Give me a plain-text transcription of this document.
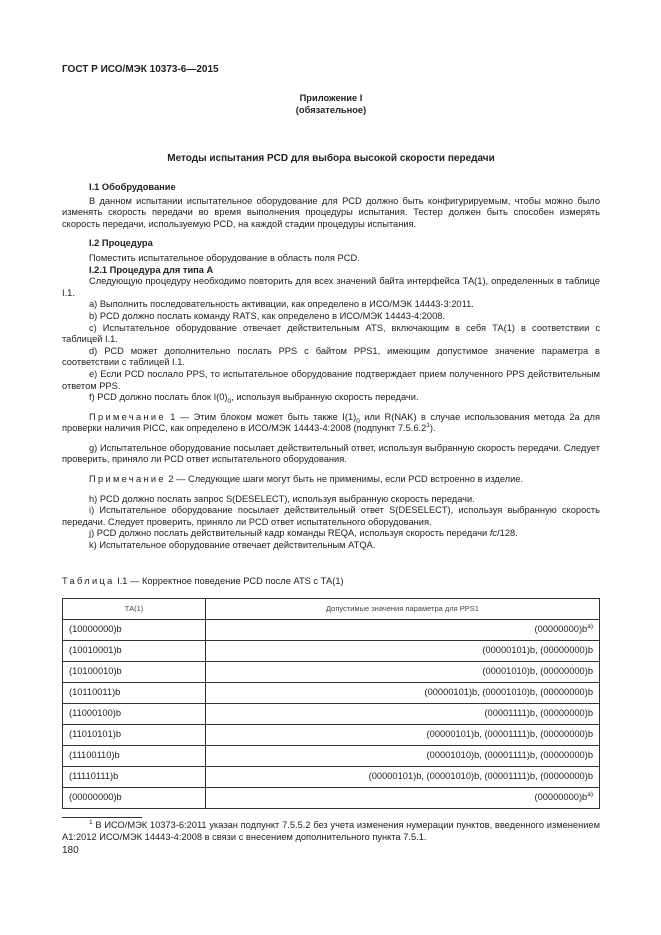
ГОСТ Р ИСО/МЭК 10373-6—2015
Приложение I
(обязательное)
Методы испытания PCD для выбора высокой скорости передачи
I.1 Обобрудование

В данном испытании испытательное оборудование для PCD должно быть конфигурируемым, чтобы можно было изменять скорость передачи во время выполнения процедуры испытания. Тестер должен быть способен измерять скорость передачи, используемую PCD, на каждой стадии процедуры испытания.

I.2 Процедура

Поместить испытательное оборудование в область поля PCD.

I.2.1 Процедура для типа А

Следующую процедуру необходимо повторить для всех значений байта интерфейса ТА(1), определенных в таблице I.1.

a) Выполнить последовательность активации, как определено в ИСО/МЭК 14443-3:2011.

b) PCD должно послать команду RATS, как определено в ИСО/МЭК 14443-4:2008.

c) Испытательное оборудование отвечает действительным ATS, включающим в себя ТА(1) в соответствии с таблицей I.1.

d) PCD может дополнительно послать PPS с байтом PPS1, имеющим допустимое значение параметра в соответствии с таблицей I.1.

e) Если PCD послало PPS, то испытательное оборудование подтверждает прием полученного PPS действительным ответом PPS.

f) PCD должно послать блок $I(0)_0$, используя выбранную скорость передачи.

Примечание 1 — Этим блоком может быть также $I(1)_0$ или R(NAK) в случае использования метода 2a для проверки наличия PICC, как определено в ИСО/МЭК 14443-4:2008 (подпункт 7.5.6.2$^1$).

g) Испытательное оборудование посылает действительный ответ, используя выбранную скорость передачи. Следует проверить, приняло ли PCD ответ испытательного оборудования.

Примечание 2 — Следующие шаги могут быть не применимы, если PCD встроенно в изделие.

h) PCD должно послать запрос S(DESELECT), используя выбранную скорость передачи.

i) Испытательное оборудование посылает действительный ответ S(DESELECT), используя выбранную скорость передачи. Следует проверить, приняло ли PCD ответ испытательного оборудования.

j) PCD должно послать действительный кадр команды REQA, используя скорость передачи fc/128.

k) Испытательное оборудование отвечает действительным ATQA.

Таблица I.1 — Корректное поведение PCD после ATS с ТА(1)
ТА(1)	Допустимые значения параметра для PPS1
(10000000)b	$(00000000)b^{a)}$
(10010001)b	(00000101)b, (00000000)b
(10100010)b	(00001010)b, (00000000)b
(10110011)b	(00000101)b, (00001010)b, (00000000)b
(11000100)b	(00001111)b, (00000000)b
(11010101)b	(00000101)b, (00001111)b, (00000000)b
(11100110)b	(00001010)b, (00001111)b, (00000000)b
(11110111)b	(00000101)b, (00001010)b, (00001111)b, (00000000)b
(00000000)b	$(00000000)b^{a)}$

$^1$ В ИСО/МЭК 10373-6:2011 указан подпункт 7.5.5.2 без учета изменения нумерации пунктов, введенного изменением А1:2012 ИСО/МЭК 14443-4:2008 в связи с внесением дополнительного пункта 7.5.1.

180
